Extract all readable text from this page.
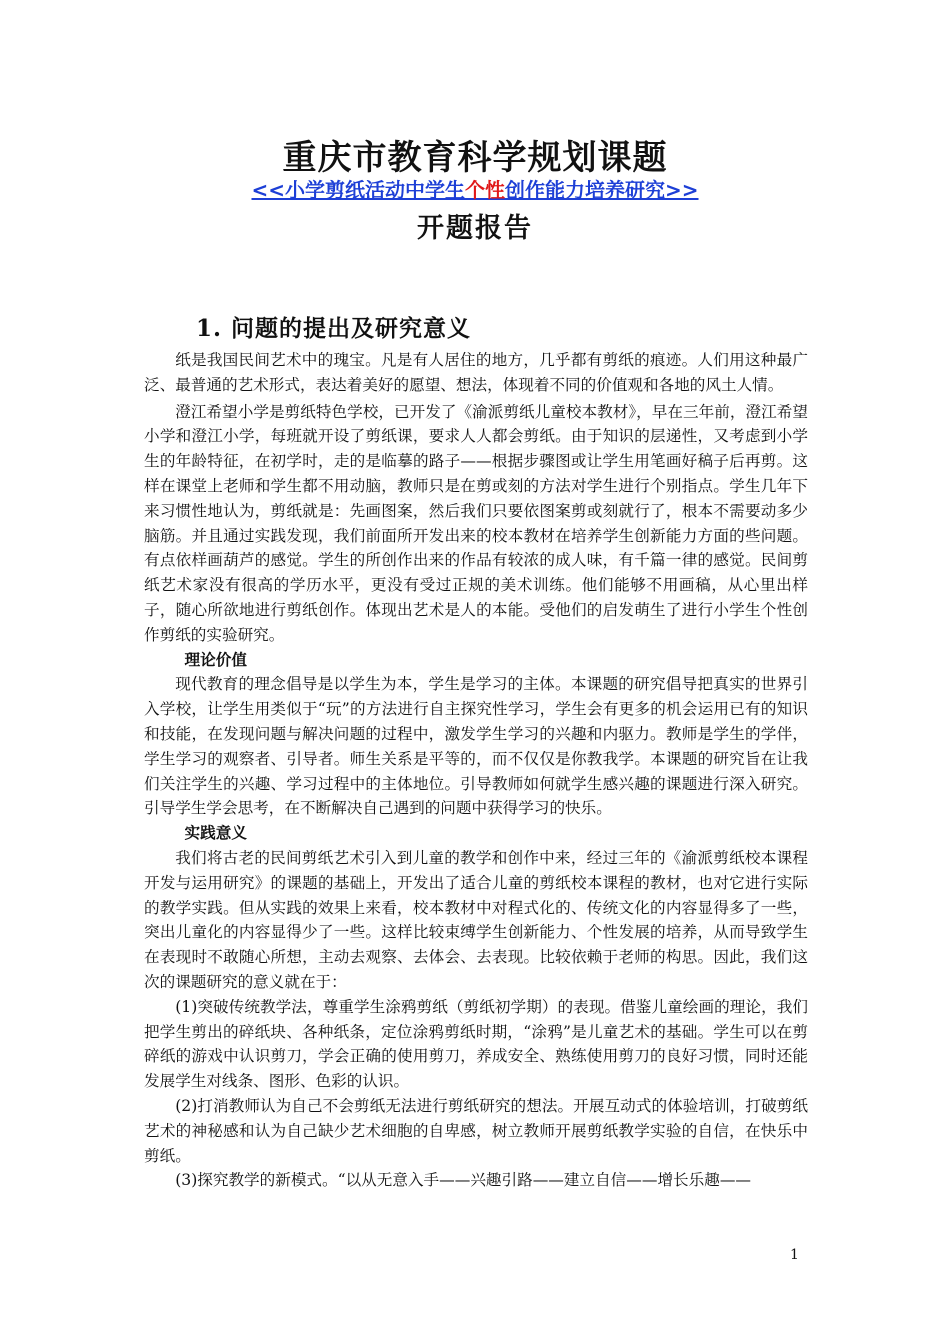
重庆市教育科学规划课题
<<小学剪纸活动中学生个性创作能力培养研究>>
开题报告
1. 问题的提出及研究意义

纸是我国民间艺术中的瑰宝。凡是有人居住的地方，几乎都有剪纸的痕迹。人们用这种最广泛、最普通的艺术形式，表达着美好的愿望、想法，体现着不同的价值观和各地的风土人情。

澄江希望小学是剪纸特色学校，已开发了《渝派剪纸儿童校本教材》，早在三年前，澄江希望小学和澄江小学，每班就开设了剪纸课，要求人人都会剪纸。由于知识的层递性，又考虑到小学生的年龄特征，在初学时，走的是临摹的路子——根据步骤图或让学生用笔画好稿子后再剪。这样在课堂上老师和学生都不用动脑，教师只是在剪或刻的方法对学生进行个别指点。学生几年下来习惯性地认为，剪纸就是：先画图案，然后我们只要依图案剪或刻就行了，根本不需要动多少脑筋。并且通过实践发现，我们前面所开发出来的校本教材在培养学生创新能力方面的些问题。有点依样画葫芦的感觉。学生的所创作出来的作品有较浓的成人味，有千篇一律的感觉。民间剪纸艺术家没有很高的学历水平，更没有受过正规的美术训练。他们能够不用画稿，从心里出样子，随心所欲地进行剪纸创作。体现出艺术是人的本能。受他们的启发萌生了进行小学生个性创作剪纸的实验研究。

理论价值

现代教育的理念倡导是以学生为本，学生是学习的主体。本课题的研究倡导把真实的世界引入学校，让学生用类似于“玩”的方法进行自主探究性学习，学生会有更多的机会运用已有的知识和技能，在发现问题与解决问题的过程中，激发学生学习的兴趣和内驱力。教师是学生的学伴，学生学习的观察者、引导者。师生关系是平等的，而不仅仅是你教我学。本课题的研究旨在让我们关注学生的兴趣、学习过程中的主体地位。引导教师如何就学生感兴趣的课题进行深入研究。引导学生学会思考，在不断解决自己遇到的问题中获得学习的快乐。

实践意义

我们将古老的民间剪纸艺术引入到儿童的教学和创作中来，经过三年的《渝派剪纸校本课程开发与运用研究》的课题的基础上，开发出了适合儿童的剪纸校本课程的教材，也对它进行实际的教学实践。但从实践的效果上来看，校本教材中对程式化的、传统文化的内容显得多了一些，突出儿童化的内容显得少了一些。这样比较束缚学生创新能力、个性发展的培养，从而导致学生在表现时不敢随心所想，主动去观察、去体会、去表现。比较依赖于老师的构思。因此，我们这次的课题研究的意义就在于：

(1)突破传统教学法，尊重学生涂鸦剪纸（剪纸初学期）的表现。借鉴儿童绘画的理论，我们把学生剪出的碎纸块、各种纸条，定位涂鸦剪纸时期，“涂鸦”是儿童艺术的基础。学生可以在剪碎纸的游戏中认识剪刀，学会正确的使用剪刀，养成安全、熟练使用剪刀的良好习惯，同时还能发展学生对线条、图形、色彩的认识。

(2)打消教师认为自己不会剪纸无法进行剪纸研究的想法。开展互动式的体验培训，打破剪纸艺术的神秘感和认为自己缺少艺术细胞的自卑感，树立教师开展剪纸教学实验的自信，在快乐中剪纸。

(3)探究教学的新模式。“以从无意入手——兴趣引路——建立自信——增长乐趣——

1
